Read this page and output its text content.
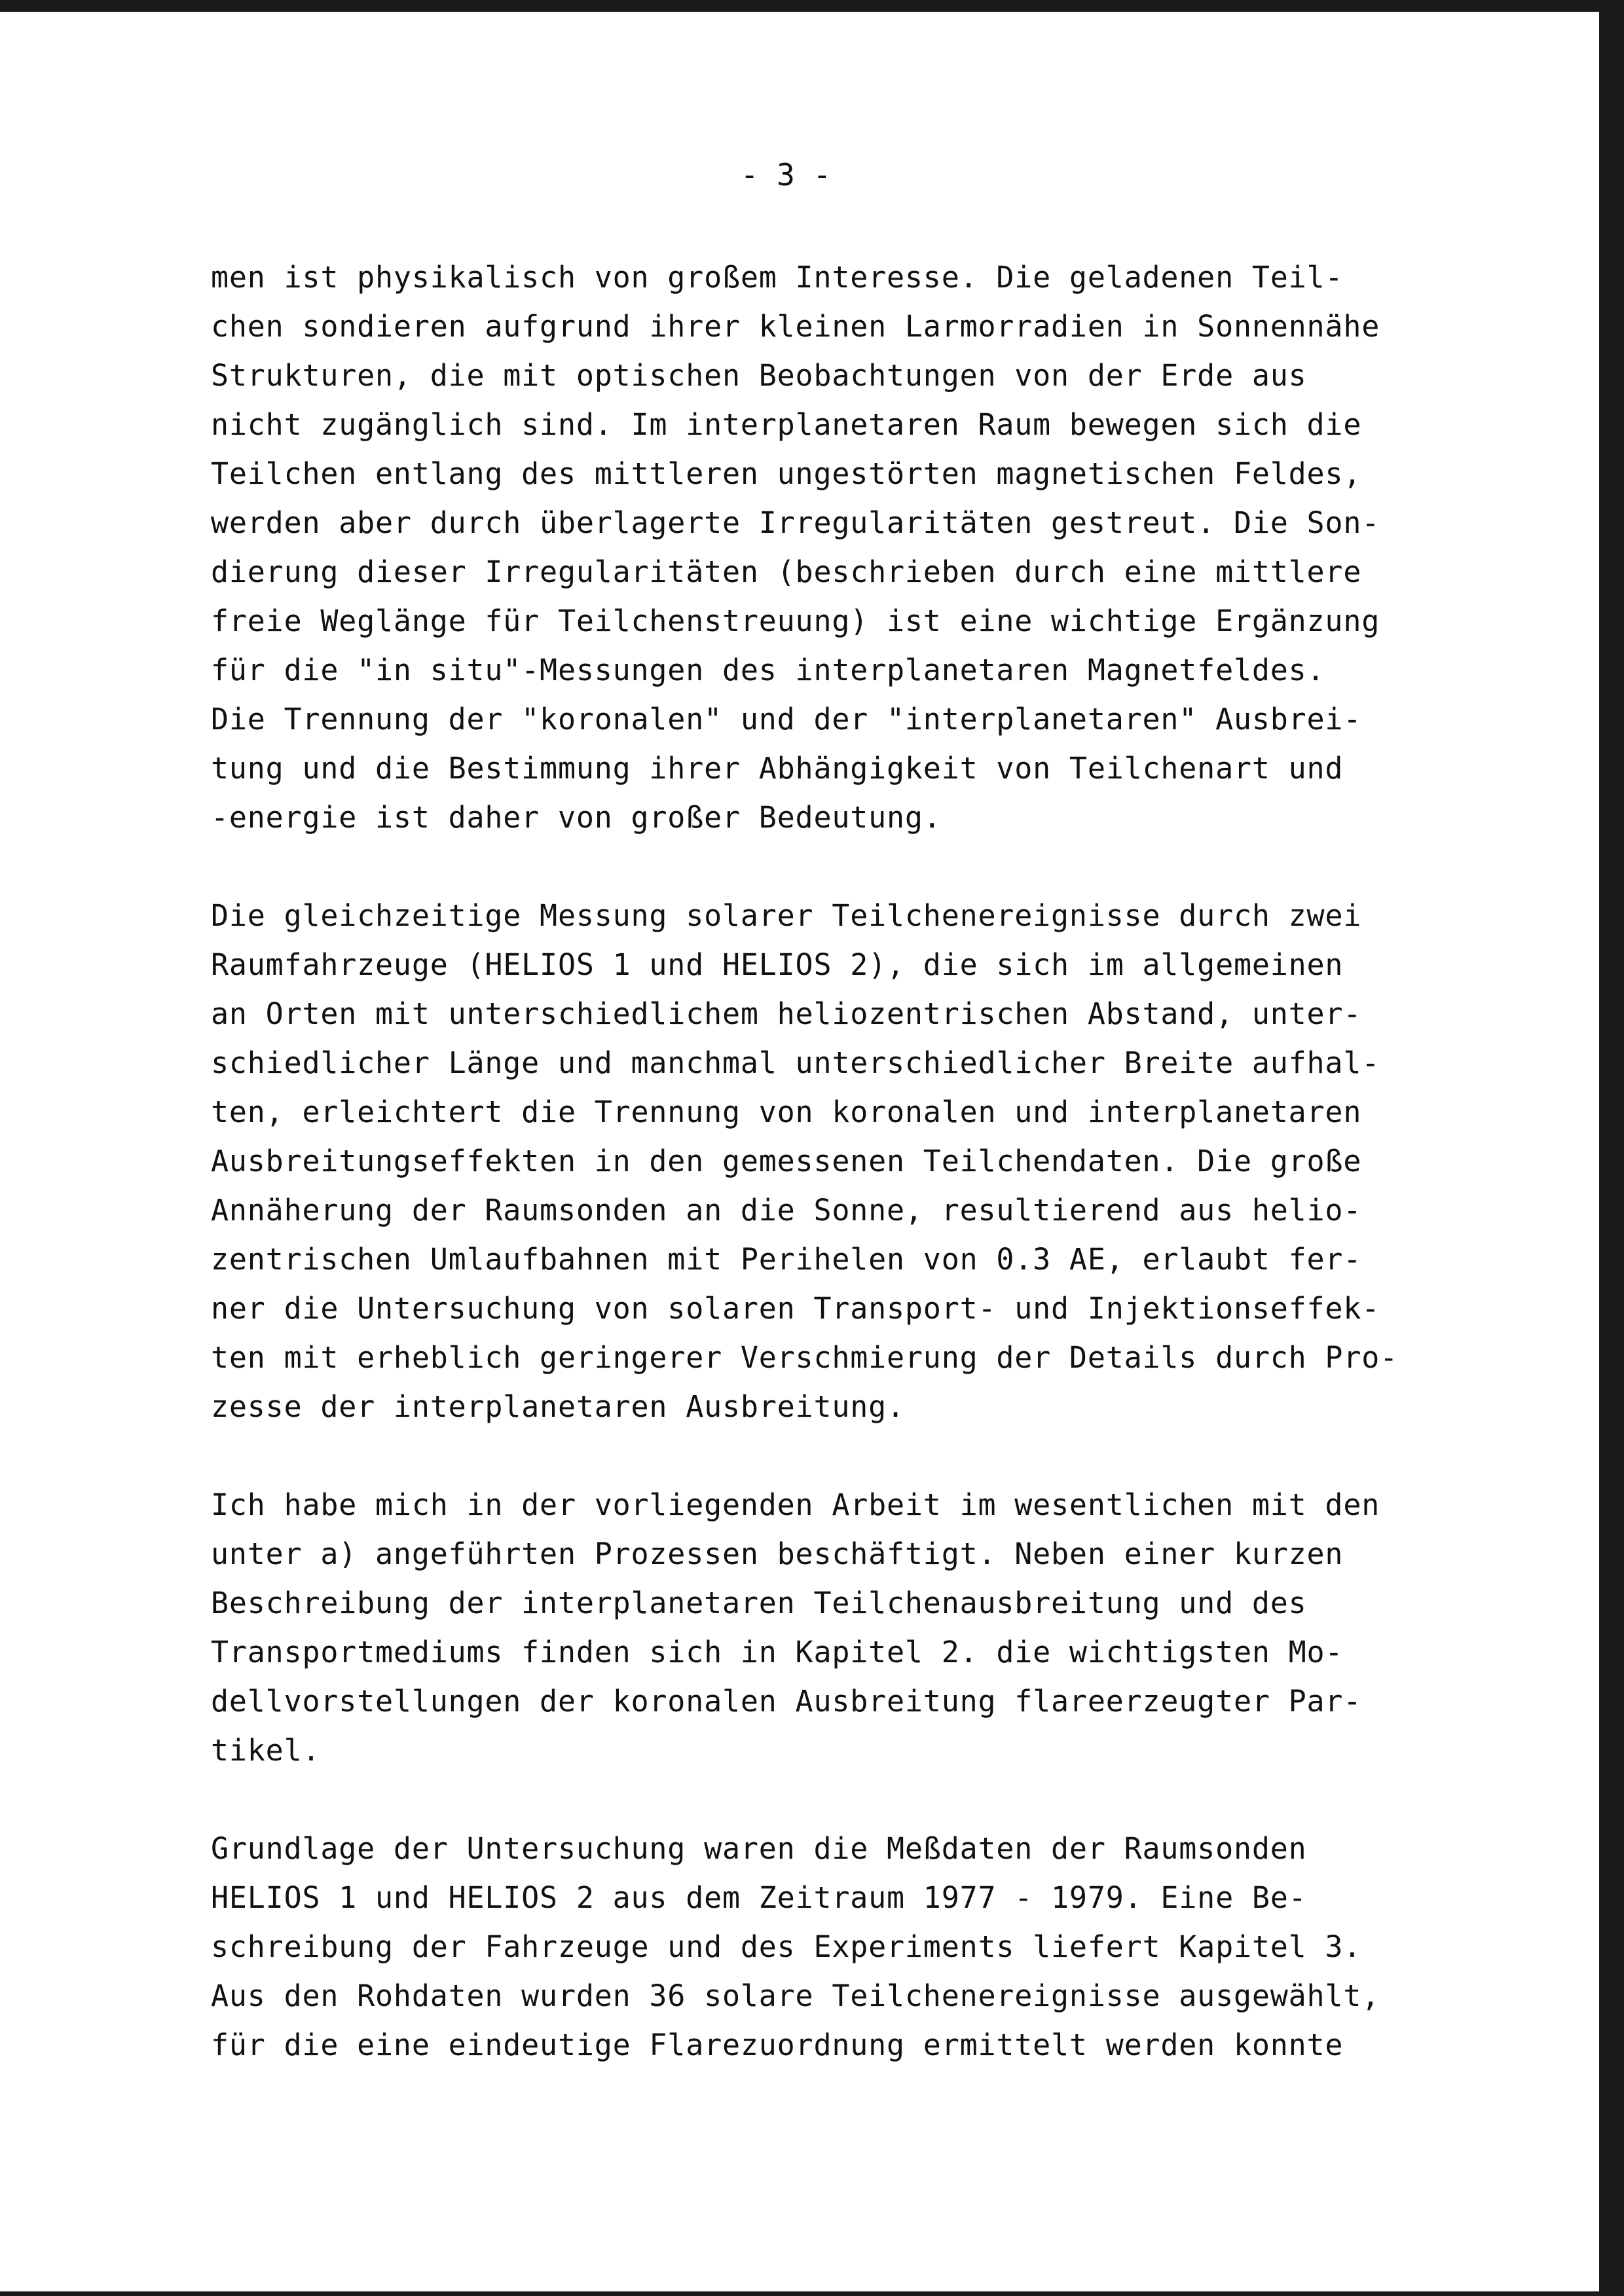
- 3 -
men ist physikalisch von großem Interesse. Die geladenen Teil-
chen sondieren aufgrund ihrer kleinen Larmorradien in Sonnennähe
Strukturen, die mit optischen Beobachtungen von der Erde aus
nicht zugänglich sind. Im interplanetaren Raum bewegen sich die
Teilchen entlang des mittleren ungestörten magnetischen Feldes,
werden aber durch überlagerte Irregularitäten gestreut. Die Son-
dierung dieser Irregularitäten (beschrieben durch eine mittlere
freie Weglänge für Teilchenstreuung) ist eine wichtige Ergänzung
für die "in situ"-Messungen des interplanetaren Magnetfeldes.
Die Trennung der "koronalen" und der "interplanetaren" Ausbrei-
tung und die Bestimmung ihrer Abhängigkeit von Teilchenart und
-energie ist daher von großer Bedeutung.
Die gleichzeitige Messung solarer Teilchenereignisse durch zwei
Raumfahrzeuge (HELIOS 1 und HELIOS 2), die sich im allgemeinen
an Orten mit unterschiedlichem heliozentrischen Abstand, unter-
schiedlicher Länge und manchmal unterschiedlicher Breite aufhal-
ten, erleichtert die Trennung von koronalen und interplanetaren
Ausbreitungseffekten in den gemessenen Teilchendaten. Die große
Annäherung der Raumsonden an die Sonne, resultierend aus helio-
zentrischen Umlaufbahnen mit Perihelen von 0.3 AE, erlaubt fer-
ner die Untersuchung von solaren Transport- und Injektionseffek-
ten mit erheblich geringerer Verschmierung der Details durch Pro-
zesse der interplanetaren Ausbreitung.
Ich habe mich in der vorliegenden Arbeit im wesentlichen mit den
unter a) angeführten Prozessen beschäftigt. Neben einer kurzen
Beschreibung der interplanetaren Teilchenausbreitung und des
Transportmediums finden sich in Kapitel 2. die wichtigsten Mo-
dellvorstellungen der koronalen Ausbreitung flareerzeugter Par-
tikel.
Grundlage der Untersuchung waren die Meßdaten der Raumsonden
HELIOS 1 und HELIOS 2 aus dem Zeitraum 1977 - 1979. Eine Be-
schreibung der Fahrzeuge und des Experiments liefert Kapitel 3.
Aus den Rohdaten wurden 36 solare Teilchenereignisse ausgewählt,
für die eine eindeutige Flarezuordnung ermittelt werden konnte
